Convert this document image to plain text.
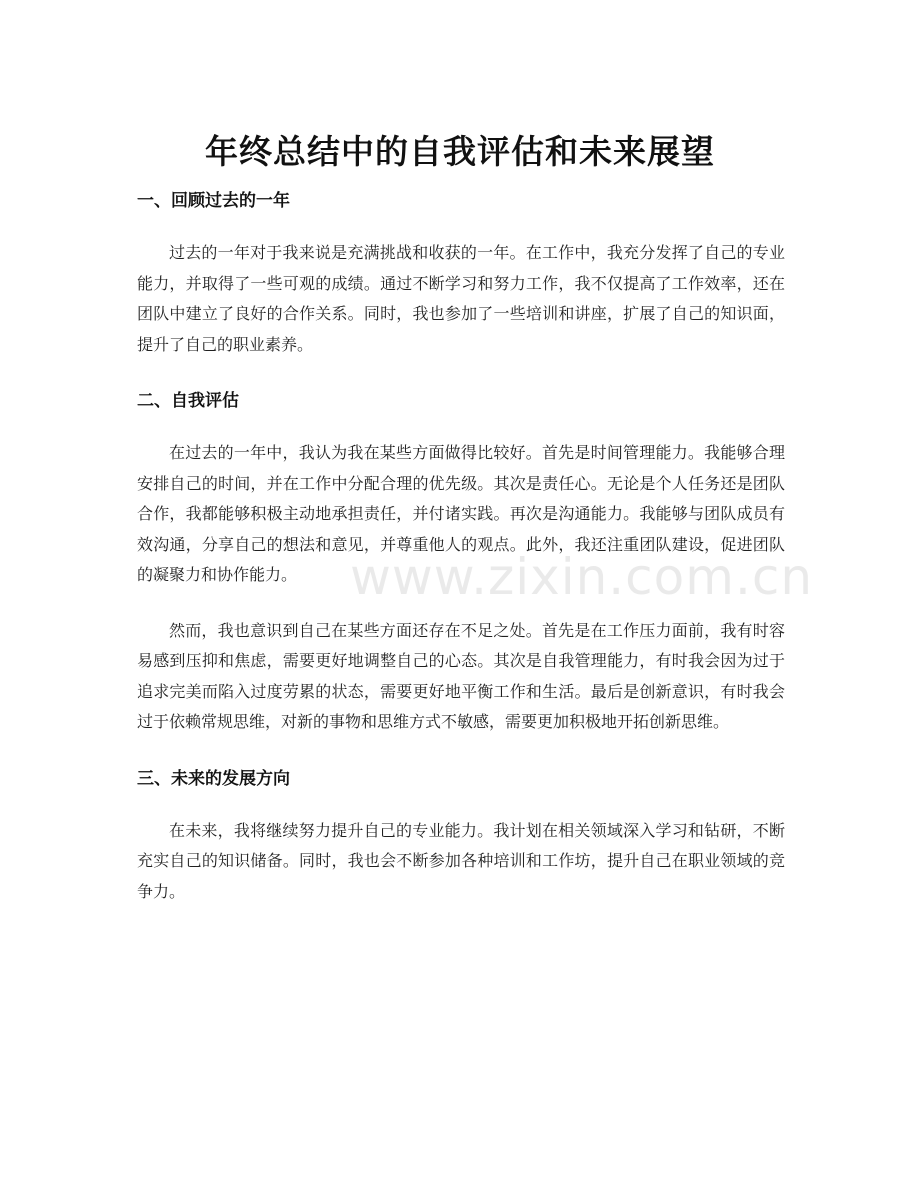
年终总结中的自我评估和未来展望
一、回顾过去的一年

过去的一年对于我来说是充满挑战和收获的一年。在工作中，我充分发挥了自己的专业能力，并取得了一些可观的成绩。通过不断学习和努力工作，我不仅提高了工作效率，还在团队中建立了良好的合作关系。同时，我也参加了一些培训和讲座，扩展了自己的知识面，提升了自己的职业素养。

二、自我评估

在过去的一年中，我认为我在某些方面做得比较好。首先是时间管理能力。我能够合理安排自己的时间，并在工作中分配合理的优先级。其次是责任心。无论是个人任务还是团队合作，我都能够积极主动地承担责任，并付诸实践。再次是沟通能力。我能够与团队成员有效沟通，分享自己的想法和意见，并尊重他人的观点。此外，我还注重团队建设，促进团队的凝聚力和协作能力。

然而，我也意识到自己在某些方面还存在不足之处。首先是在工作压力面前，我有时容易感到压抑和焦虑，需要更好地调整自己的心态。其次是自我管理能力，有时我会因为过于追求完美而陷入过度劳累的状态，需要更好地平衡工作和生活。最后是创新意识，有时我会过于依赖常规思维，对新的事物和思维方式不敏感，需要更加积极地开拓创新思维。

三、未来的发展方向

在未来，我将继续努力提升自己的专业能力。我计划在相关领域深入学习和钻研，不断充实自己的知识储备。同时，我也会不断参加各种培训和工作坊，提升自己在职业领域的竞争力。

www.zixin.com.cn
